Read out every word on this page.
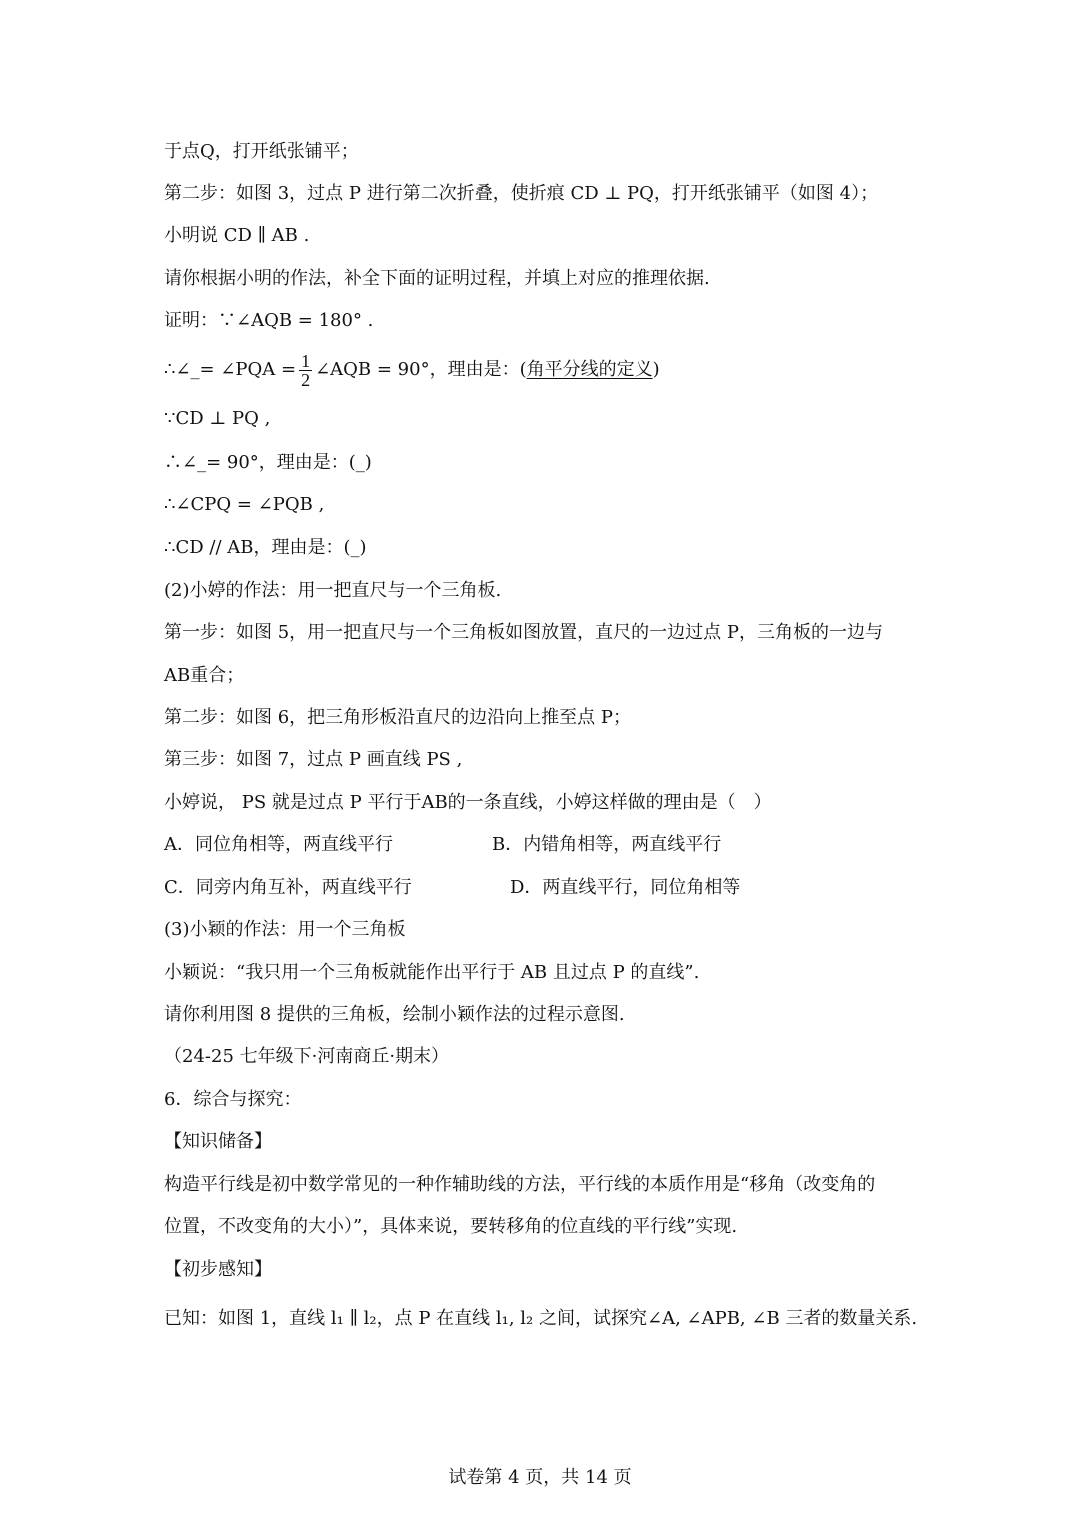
于点Q，打开纸张铺平；
第二步：如图 3，过点 P 进行第二次折叠，使折痕 CD ⊥ PQ，打开纸张铺平（如图 4）；
小明说 CD ∥ AB .
请你根据小明的作法，补全下面的证明过程，并填上对应的推理依据.
证明：∵∠AQB = 180° .
∴∠_= ∠PQA = $\frac{1}{2}$ ∠AQB = 90°，理由是：(角平分线的定义)
∵CD ⊥ PQ ,
∴∠_= 90°，理由是：(_)
∴∠CPQ = ∠PQB ,
∴CD // AB，理由是：(_)
(2)小婷的作法：用一把直尺与一个三角板.
第一步：如图 5，用一把直尺与一个三角板如图放置，直尺的一边过点 P，三角板的一边与
AB重合；
第二步：如图 6，把三角形板沿直尺的边沿向上推至点 P；
第三步：如图 7，过点 P 画直线 PS ,
小婷说， PS 就是过点 P 平行于AB的一条直线，小婷这样做的理由是（　）
A．同位角相等，两直线平行	B．内错角相等，两直线平行
C．同旁内角互补，两直线平行	D．两直线平行，同位角相等
(3)小颖的作法：用一个三角板
小颖说：“我只用一个三角板就能作出平行于 AB 且过点 P 的直线”.
请你利用图 8 提供的三角板，绘制小颖作法的过程示意图.
（24-25 七年级下·河南商丘·期末）
6．综合与探究：
【知识储备】
构造平行线是初中数学常见的一种作辅助线的方法，平行线的本质作用是“移角（改变角的
位置，不改变角的大小）”，具体来说，要转移角的位直线的平行线”实现.
【初步感知】
已知：如图 1，直线 l₁ ∥ l₂，点 P 在直线 l₁, l₂ 之间，试探究∠A, ∠APB, ∠B 三者的数量关系.
试卷第 4 页，共 14 页
